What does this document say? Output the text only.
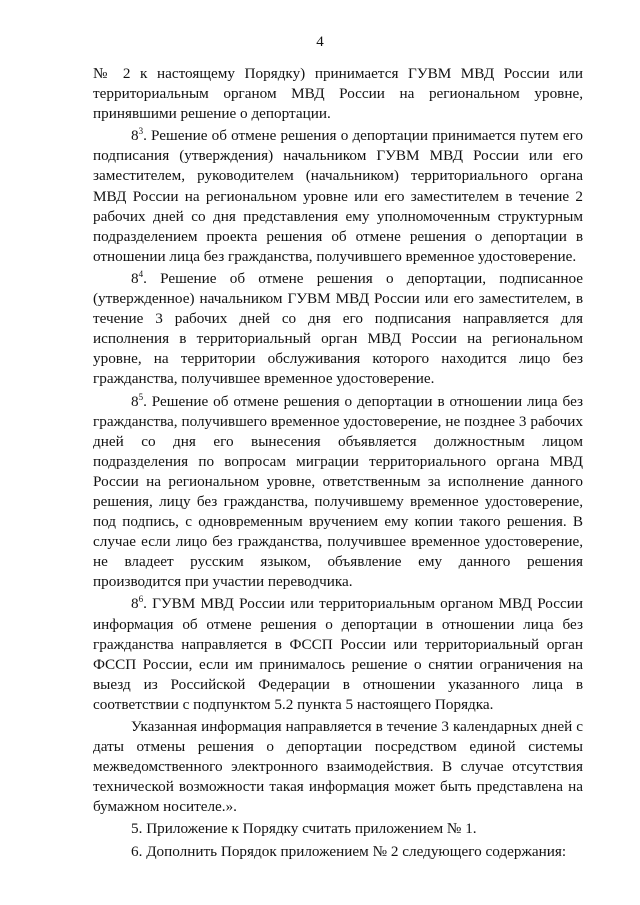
4

№ 2 к настоящему Порядку) принимается ГУВМ МВД России или территориальным органом МВД России на региональном уровне, принявшими решение о депортации.

$8^3$. Решение об отмене решения о депортации принимается путем его подписания (утверждения) начальником ГУВМ МВД России или его заместителем, руководителем (начальником) территориального органа МВД России на региональном уровне или его заместителем в течение 2 рабочих дней со дня представления ему уполномоченным структурным подразделением проекта решения об отмене решения о депортации в отношении лица без гражданства, получившего временное удостоверение.

$8^4$. Решение об отмене решения о депортации, подписанное (утвержденное) начальником ГУВМ МВД России или его заместителем, в течение 3 рабочих дней со дня его подписания направляется для исполнения в территориальный орган МВД России на региональном уровне, на территории обслуживания которого находится лицо без гражданства, получившее временное удостоверение.

$8^5$. Решение об отмене решения о депортации в отношении лица без гражданства, получившего временное удостоверение, не позднее 3 рабочих дней со дня его вынесения объявляется должностным лицом подразделения по вопросам миграции территориального органа МВД России на региональном уровне, ответственным за исполнение данного решения, лицу без гражданства, получившему временное удостоверение, под подпись, с одновременным вручением ему копии такого решения. В случае если лицо без гражданства, получившее временное удостоверение, не владеет русским языком, объявление ему данного решения производится при участии переводчика.

$8^6$. ГУВМ МВД России или территориальным органом МВД России информация об отмене решения о депортации в отношении лица без гражданства направляется в ФССП России или территориальный орган ФССП России, если им принималось решение о снятии ограничения на выезд из Российской Федерации в отношении указанного лица в соответствии с подпунктом 5.2 пункта 5 настоящего Порядка.

Указанная информация направляется в течение 3 календарных дней с даты отмены решения о депортации посредством единой системы межведомственного электронного взаимодействия. В случае отсутствия технической возможности такая информация может быть представлена на бумажном носителе.».

5. Приложение к Порядку считать приложением № 1.

6. Дополнить Порядок приложением № 2 следующего содержания:
